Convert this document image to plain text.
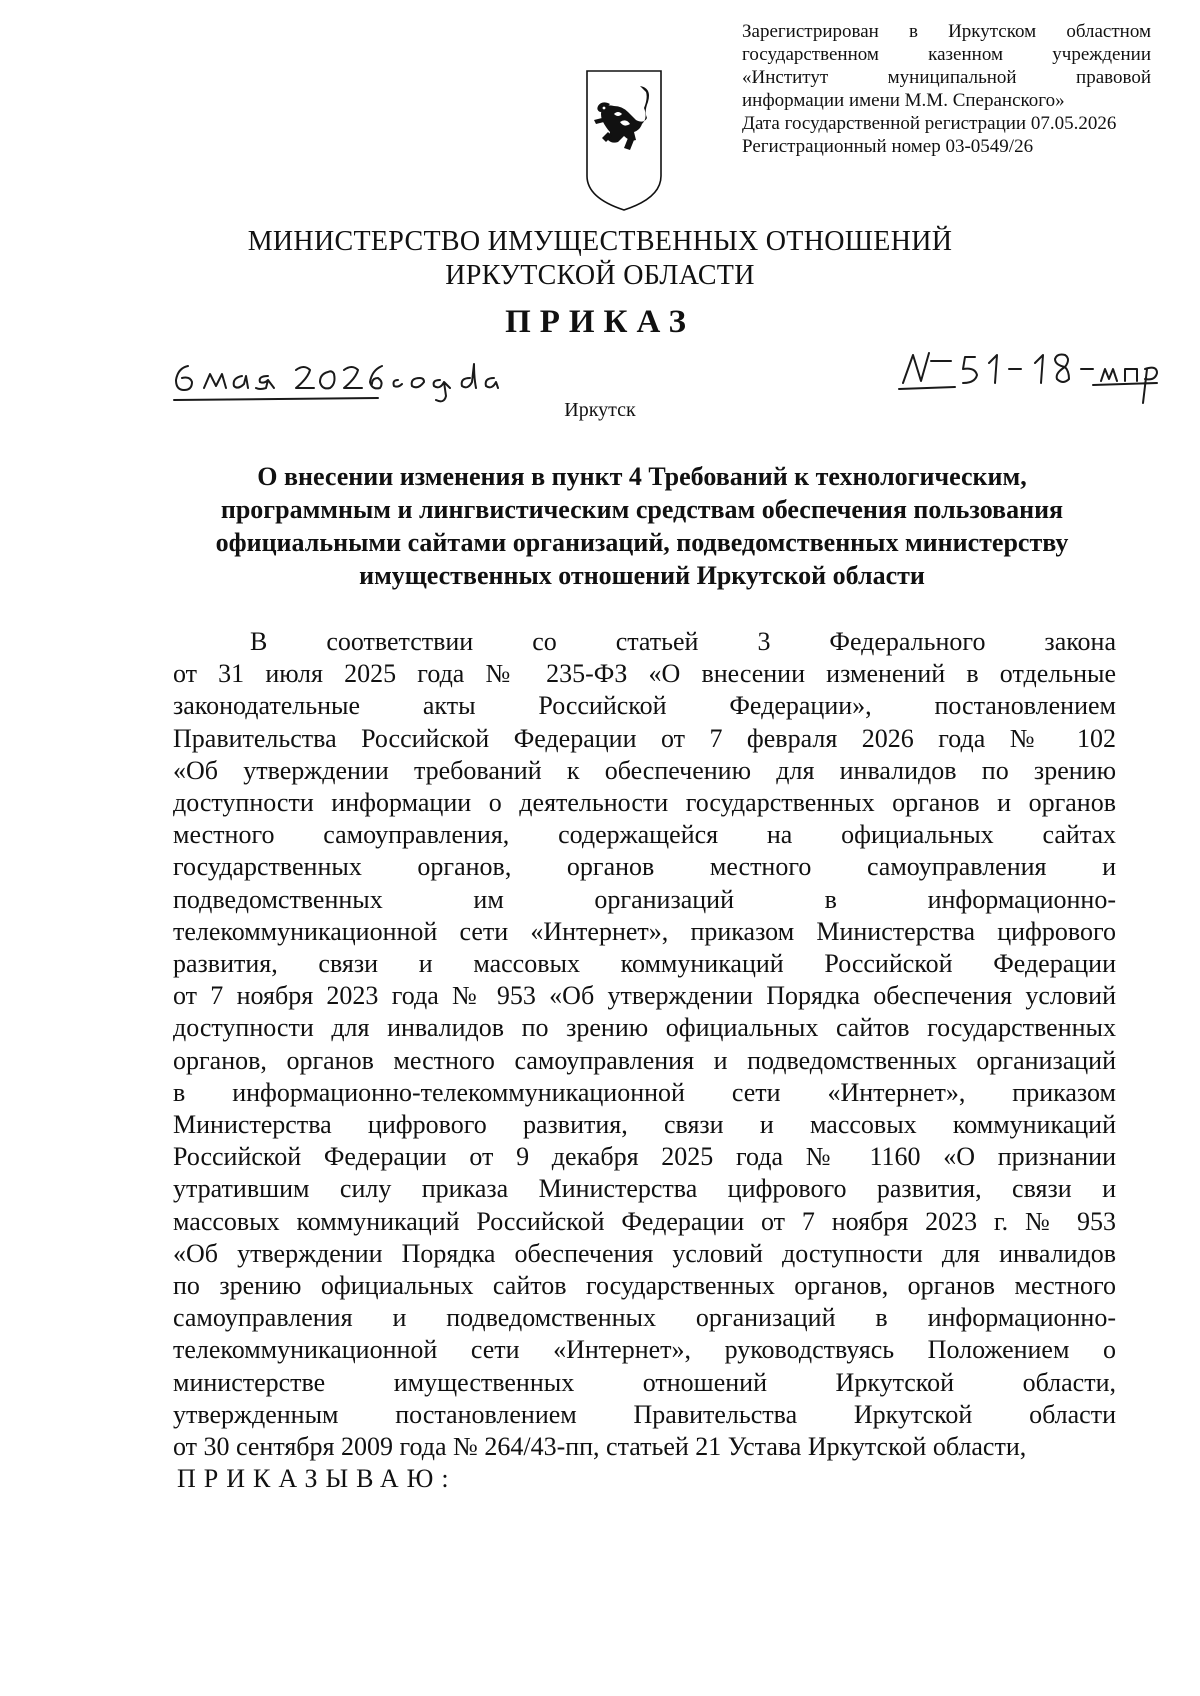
Зарегистрирован в Иркутском областном
государственном казенном учреждении
«Институт муниципальной правовой
информации имени М.М. Сперанского»
Дата государственной регистрации 07.05.2026
Регистрационный номер 03-0549/26
МИНИСТЕРСТВО ИМУЩЕСТВЕННЫХ ОТНОШЕНИЙ
ИРКУТСКОЙ ОБЛАСТИ
ПРИКАЗ
Иркутск
О внесении изменения в пункт 4 Требований к технологическим,
программным и лингвистическим средствам обеспечения пользования
официальными сайтами организаций, подведомственных министерству
имущественных отношений Иркутской области
В соответствии со статьей 3 Федерального закона
от 31 июля 2025 года № 235-ФЗ «О внесении изменений в отдельные
законодательные акты Российской Федерации», постановлением
Правительства Российской Федерации от 7 февраля 2026 года № 102
«Об утверждении требований к обеспечению для инвалидов по зрению
доступности информации о деятельности государственных органов и органов
местного самоуправления, содержащейся на официальных сайтах
государственных органов, органов местного самоуправления и
подведомственных им организаций в информационно-
телекоммуникационной сети «Интернет», приказом Министерства цифрового
развития, связи и массовых коммуникаций Российской Федерации
от 7 ноября 2023 года № 953 «Об утверждении Порядка обеспечения условий
доступности для инвалидов по зрению официальных сайтов государственных
органов, органов местного самоуправления и подведомственных организаций
в информационно-телекоммуникационной сети «Интернет», приказом
Министерства цифрового развития, связи и массовых коммуникаций
Российской Федерации от 9 декабря 2025 года № 1160 «О признании
утратившим силу приказа Министерства цифрового развития, связи и
массовых коммуникаций Российской Федерации от 7 ноября 2023 г. № 953
«Об утверждении Порядка обеспечения условий доступности для инвалидов
по зрению официальных сайтов государственных органов, органов местного
самоуправления и подведомственных организаций в информационно-
телекоммуникационной сети «Интернет», руководствуясь Положением о
министерстве имущественных отношений Иркутской области,
утвержденным постановлением Правительства Иркутской области
от 30 сентября 2009 года № 264/43-пп, статьей 21 Устава Иркутской области,
ПРИКАЗЫВАЮ:
